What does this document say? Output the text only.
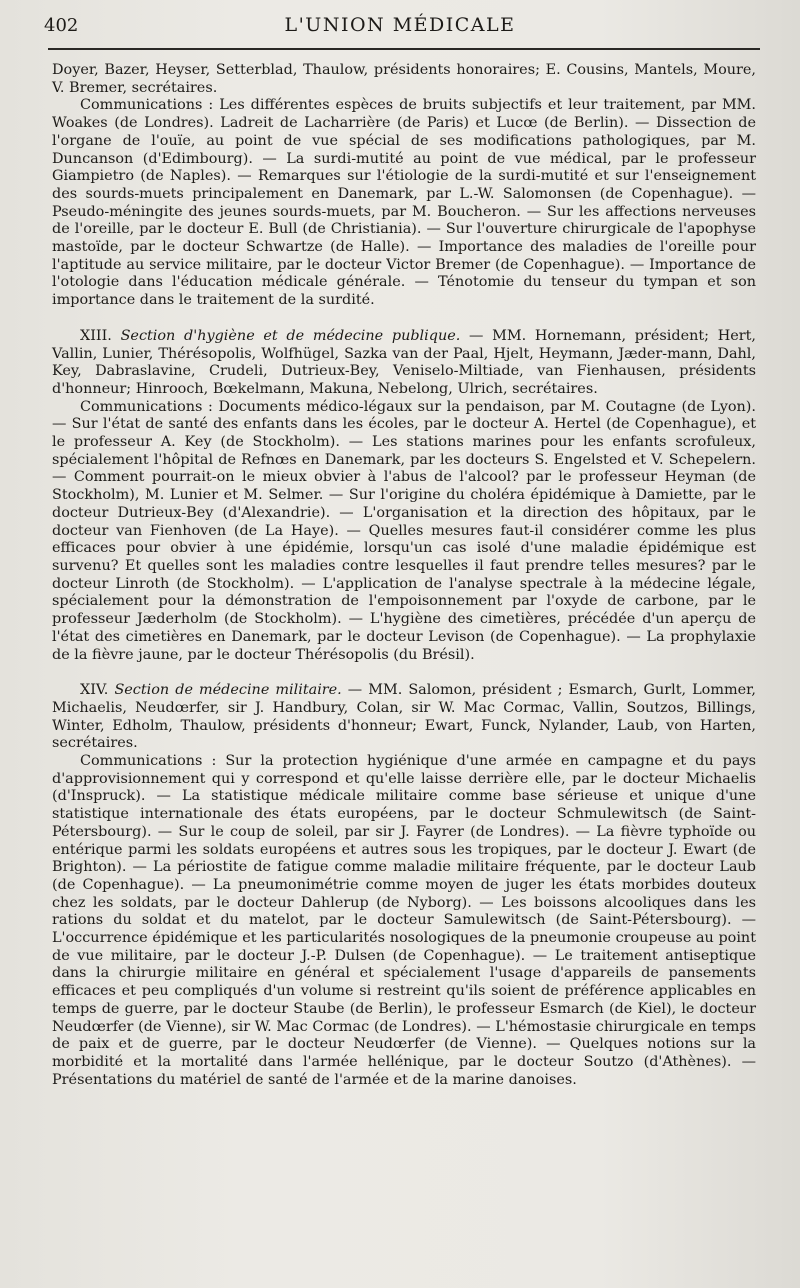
402	L'UNION MÉDICALE

Doyer, Bazer, Heyser, Setterblad, Thaulow, présidents honoraires; E. Cousins, Mantels, Moure, V. Bremer, secrétaires.

Communications : Les différentes espèces de bruits subjectifs et leur traitement, par MM. Woakes (de Londres). Ladreit de Lacharrière (de Paris) et Lucœ (de Berlin). — Dissection de l'organe de l'ouïe, au point de vue spécial de ses modifications pathologiques, par M. Duncanson (d'Edimbourg). — La surdi-mutité au point de vue médical, par le professeur Giampietro (de Naples). — Remarques sur l'étiologie de la surdi-mutité et sur l'enseignement des sourds-muets principalement en Danemark, par L.-W. Salomonsen (de Copenhague). — Pseudo-méningite des jeunes sourds-muets, par M. Boucheron. — Sur les affections nerveuses de l'oreille, par le docteur E. Bull (de Christiania). — Sur l'ouverture chirurgicale de l'apophyse mastoïde, par le docteur Schwartze (de Halle). — Importance des maladies de l'oreille pour l'aptitude au service militaire, par le docteur Victor Bremer (de Copenhague). — Importance de l'otologie dans l'éducation médicale générale. — Ténotomie du tenseur du tympan et son importance dans le traitement de la surdité.

XIII. Section d'hygiène et de médecine publique. — MM. Hornemann, président; Hert, Vallin, Lunier, Thérésopolis, Wolfhügel, Sazka van der Paal, Hjelt, Heymann, Jæder-mann, Dahl, Key, Dabraslavine, Crudeli, Dutrieux-Bey, Veniselo-Miltiade, van Fienhausen, présidents d'honneur; Hinrooch, Bœkelmann, Makuna, Nebelong, Ulrich, secrétaires.

Communications : Documents médico-légaux sur la pendaison, par M. Coutagne (de Lyon). — Sur l'état de santé des enfants dans les écoles, par le docteur A. Hertel (de Copenhague), et le professeur A. Key (de Stockholm). — Les stations marines pour les enfants scrofuleux, spécialement l'hôpital de Refnœs en Danemark, par les docteurs S. Engelsted et V. Schepelern. — Comment pourrait-on le mieux obvier à l'abus de l'alcool? par le professeur Heyman (de Stockholm), M. Lunier et M. Selmer. — Sur l'origine du choléra épidémique à Damiette, par le docteur Dutrieux-Bey (d'Alexandrie). — L'organisation et la direction des hôpitaux, par le docteur van Fienhoven (de La Haye). — Quelles mesures faut-il considérer comme les plus efficaces pour obvier à une épidémie, lorsqu'un cas isolé d'une maladie épidémique est survenu? Et quelles sont les maladies contre lesquelles il faut prendre telles mesures? par le docteur Linroth (de Stockholm). — L'application de l'analyse spectrale à la médecine légale, spécialement pour la démonstration de l'empoisonnement par l'oxyde de carbone, par le professeur Jæderholm (de Stockholm). — L'hygiène des cimetières, précédée d'un aperçu de l'état des cimetières en Danemark, par le docteur Levison (de Copenhague). — La prophylaxie de la fièvre jaune, par le docteur Thérésopolis (du Brésil).

XIV. Section de médecine militaire. — MM. Salomon, président ; Esmarch, Gurlt, Lommer, Michaelis, Neudœrfer, sir J. Handbury, Colan, sir W. Mac Cormac, Vallin, Soutzos, Billings, Winter, Edholm, Thaulow, présidents d'honneur; Ewart, Funck, Nylander, Laub, von Harten, secrétaires.

Communications : Sur la protection hygiénique d'une armée en campagne et du pays d'approvisionnement qui y correspond et qu'elle laisse derrière elle, par le docteur Michaelis (d'Inspruck). — La statistique médicale militaire comme base sérieuse et unique d'une statistique internationale des états européens, par le docteur Schmulewitsch (de Saint-Pétersbourg). — Sur le coup de soleil, par sir J. Fayrer (de Londres). — La fièvre typhoïde ou entérique parmi les soldats européens et autres sous les tropiques, par le docteur J. Ewart (de Brighton). — La périostite de fatigue comme maladie militaire fréquente, par le docteur Laub (de Copenhague). — La pneumonimétrie comme moyen de juger les états morbides douteux chez les soldats, par le docteur Dahlerup (de Nyborg). — Les boissons alcooliques dans les rations du soldat et du matelot, par le docteur Samulewitsch (de Saint-Pétersbourg). — L'occurrence épidémique et les particularités nosologiques de la pneumonie croupeuse au point de vue militaire, par le docteur J.-P. Dulsen (de Copenhague). — Le traitement antiseptique dans la chirurgie militaire en général et spécialement l'usage d'appareils de pansements efficaces et peu compliqués d'un volume si restreint qu'ils soient de préférence applicables en temps de guerre, par le docteur Staube (de Berlin), le professeur Esmarch (de Kiel), le docteur Neudœrfer (de Vienne), sir W. Mac Cormac (de Londres). — L'hémostasie chirurgicale en temps de paix et de guerre, par le docteur Neudœrfer (de Vienne). — Quelques notions sur la morbidité et la mortalité dans l'armée hellénique, par le docteur Soutzo (d'Athènes). — Présentations du matériel de santé de l'armée et de la marine danoises.
